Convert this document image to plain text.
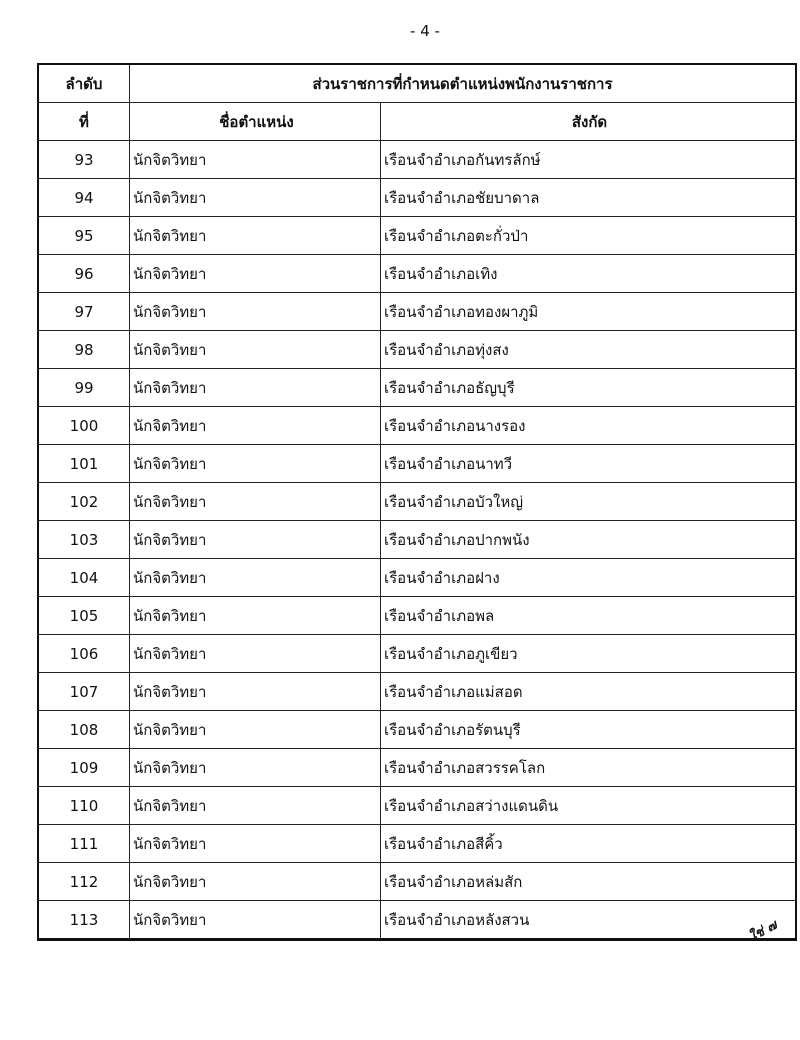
- 4 -
ลำดับ	ส่วนราชการที่กำหนดตำแหน่งพนักงานราชการ	
ที่	ชื่อตำแหน่ง	สังกัด
93	นักจิตวิทยา	เรือนจำอำเภอกันทรลักษ์
94	นักจิตวิทยา	เรือนจำอำเภอชัยบาดาล
95	นักจิตวิทยา	เรือนจำอำเภอตะกั่วป่า
96	นักจิตวิทยา	เรือนจำอำเภอเทิง
97	นักจิตวิทยา	เรือนจำอำเภอทองผาภูมิ
98	นักจิตวิทยา	เรือนจำอำเภอทุ่งสง
99	นักจิตวิทยา	เรือนจำอำเภอธัญบุรี
100	นักจิตวิทยา	เรือนจำอำเภอนางรอง
101	นักจิตวิทยา	เรือนจำอำเภอนาทวี
102	นักจิตวิทยา	เรือนจำอำเภอบัวใหญ่
103	นักจิตวิทยา	เรือนจำอำเภอปากพนัง
104	นักจิตวิทยา	เรือนจำอำเภอฝาง
105	นักจิตวิทยา	เรือนจำอำเภอพล
106	นักจิตวิทยา	เรือนจำอำเภอภูเขียว
107	นักจิตวิทยา	เรือนจำอำเภอแม่สอด
108	นักจิตวิทยา	เรือนจำอำเภอรัตนบุรี
109	นักจิตวิทยา	เรือนจำอำเภอสวรรคโลก
110	นักจิตวิทยา	เรือนจำอำเภอสว่างแดนดิน
111	นักจิตวิทยา	เรือนจำอำเภอสีคิ้ว
112	นักจิตวิทยา	เรือนจำอำเภอหล่มสัก
113	นักจิตวิทยา	เรือนจำอำเภอหลังสวน	ใช่ ๗
